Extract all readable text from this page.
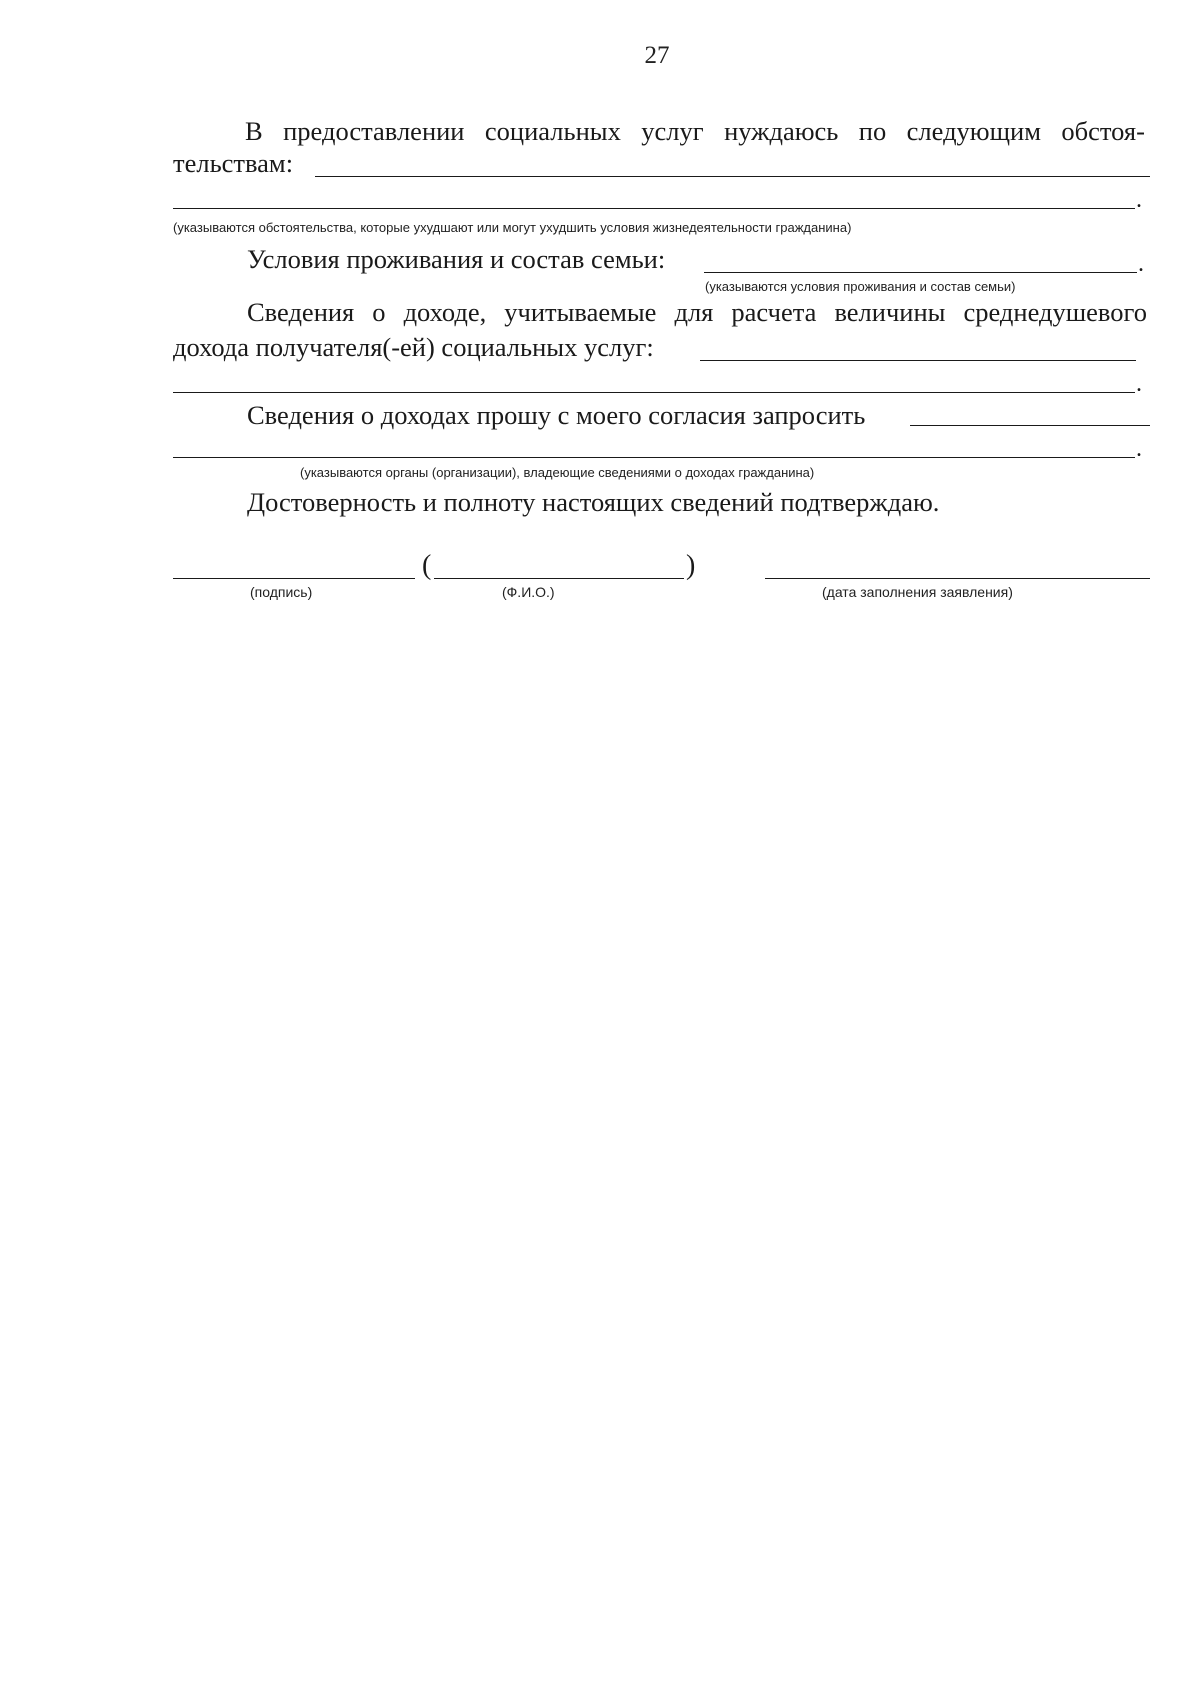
27
В предоставлении социальных услуг нуждаюсь по следующим обстоя-
тельствам:
.
(указываются обстоятельства, которые ухудшают или могут ухудшить условия жизнедеятельности гражданина)
Условия проживания и состав семьи:	.
(указываются условия проживания и состав семьи)
Сведения о доходе, учитываемые для расчета величины среднедушевого
дохода получателя(-ей) социальных услуг:
.
Сведения о доходах прошу с моего согласия запросить
.
(указываются органы (организации), владеющие сведениями о доходах гражданина)
Достоверность и полноту настоящих сведений подтверждаю.
(	)
(подпись)	(Ф.И.О.)	(дата заполнения заявления)
